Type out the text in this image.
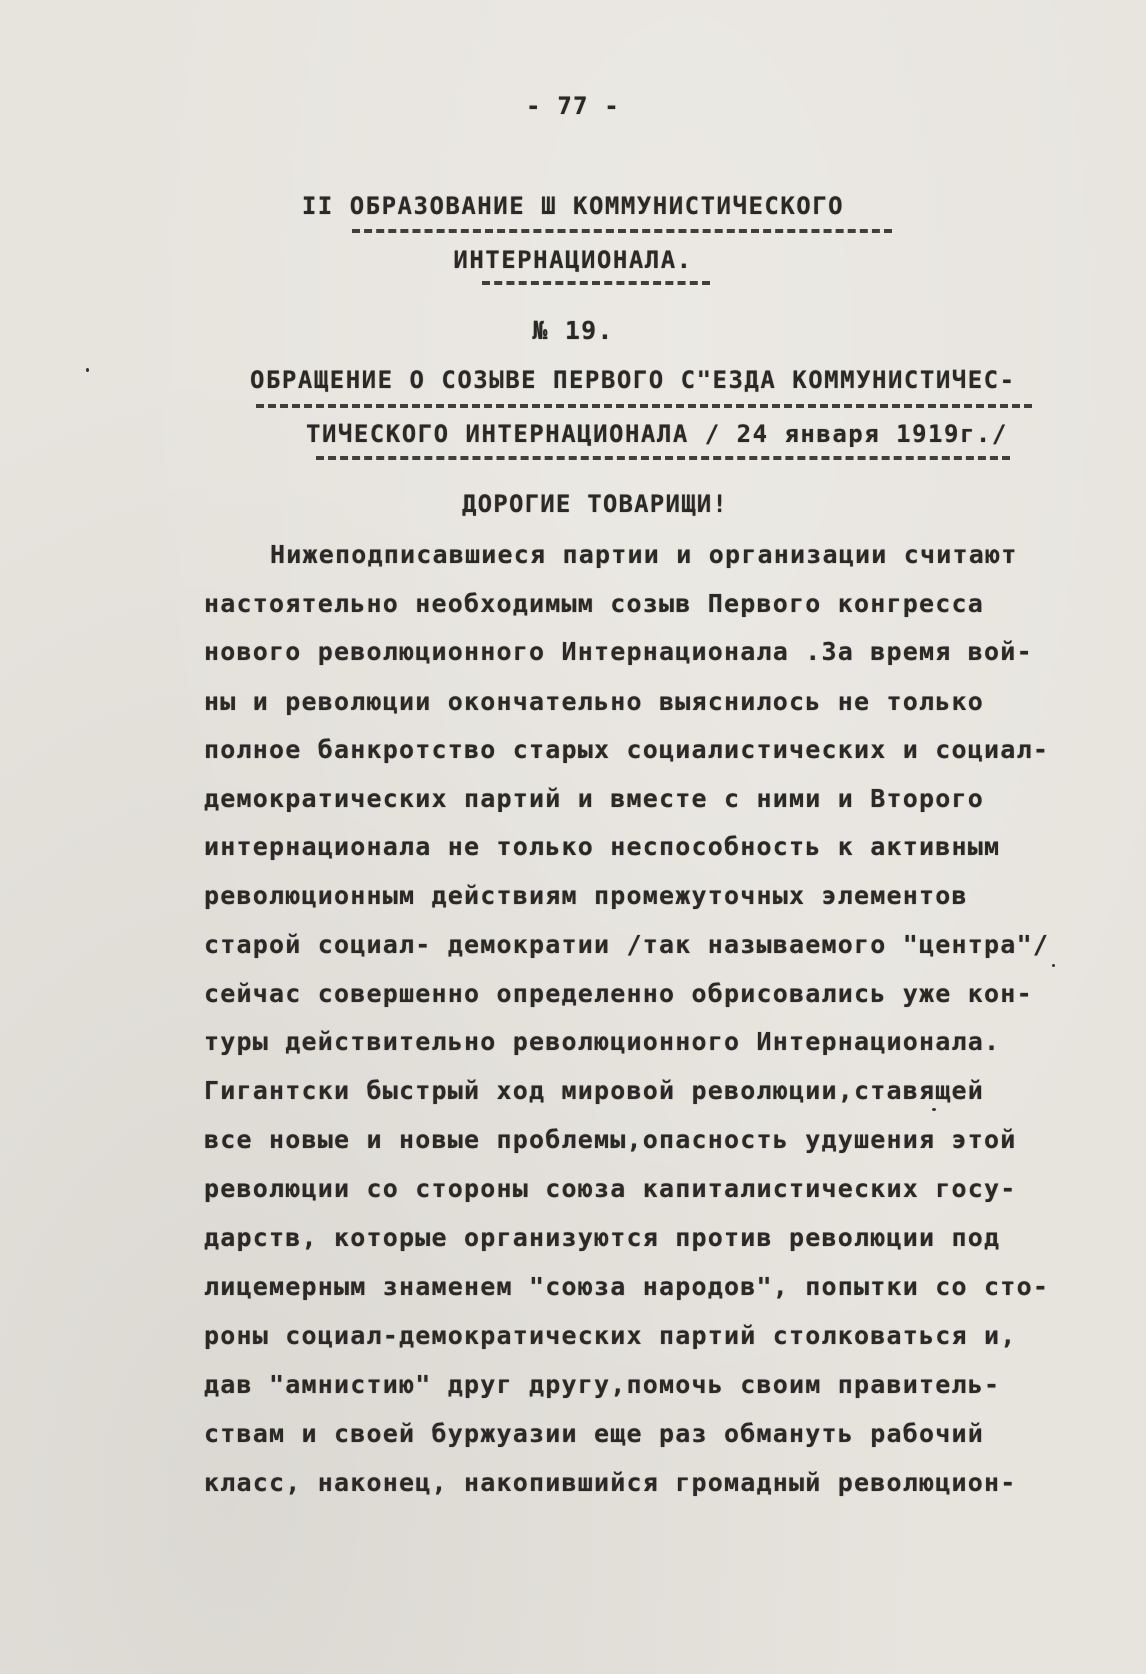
- 77 -
II ОБРАЗОВАНИЕ Ш КОММУНИСТИЧЕСКОГО
ИНТЕРНАЦИОНАЛА.
№ 19.
ОБРАЩЕНИЕ О СОЗЫВЕ ПЕРВОГО С"ЕЗДА КОММУНИСТИЧЕС-
ТИЧЕСКОГО ИНТЕРНАЦИОНАЛА / 24 января 1919г./
ДОРОГИЕ ТОВАРИЩИ!
Нижеподписавшиеся партии и организации считают
настоятельно необходимым созыв Первого конгресса
нового революционного Интернационала .За время вой-
ны и революции окончательно выяснилось не только
полное банкротство старых социалистических и социал-
демократических партий и вместе с ними и Второго
интернационала не только неспособность к активным
революционным действиям промежуточных элементов
старой социал- демократии /так называемого "центра"/
сейчас совершенно определенно обрисовались уже кон-
туры действительно революционного Интернационала.
Гигантски быстрый ход мировой революции,ставящей
все новые и новые проблемы,опасность удушения этой
революции со стороны союза капиталистических госу-
дарств, которые организуются против революции под
лицемерным знаменем "союза народов", попытки со сто-
роны социал-демократических партий столковаться и,
дав "амнистию" друг другу,помочь своим правитель-
ствам и своей буржуазии еще раз обмануть рабочий
класс, наконец, накопившийся громадный революцион-
